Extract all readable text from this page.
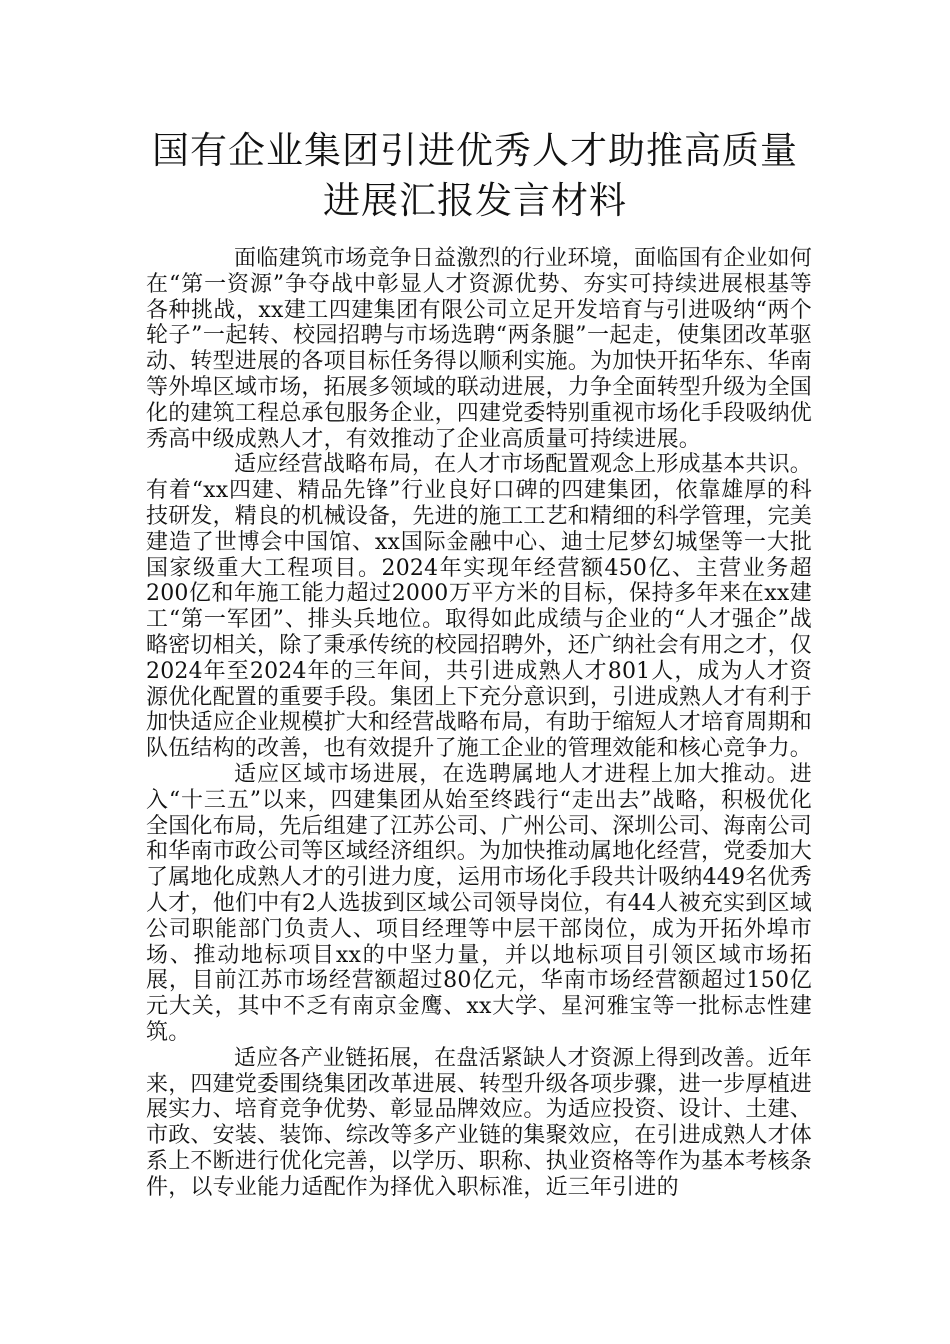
国有企业集团引进优秀人才助推高质量进展汇报发言材料

面临建筑市场竞争日益激烈的行业环境，面临国有企业如何在“第一资源”争夺战中彰显人才资源优势、夯实可持续进展根基等各种挑战，xx建工四建集团有限公司立足开发培育与引进吸纳“两个轮子”一起转、校园招聘与市场选聘“两条腿”一起走，使集团改革驱动、转型进展的各项目标任务得以顺利实施。为加快开拓华东、华南等外埠区域市场，拓展多领域的联动进展，力争全面转型升级为全国化的建筑工程总承包服务企业，四建党委特别重视市场化手段吸纳优秀高中级成熟人才，有效推动了企业高质量可持续进展。

适应经营战略布局，在人才市场配置观念上形成基本共识。有着“xx四建、精品先锋”行业良好口碑的四建集团，依靠雄厚的科技研发，精良的机械设备，先进的施工工艺和精细的科学管理，完美建造了世博会中国馆、xx国际金融中心、迪士尼梦幻城堡等一大批国家级重大工程项目。2024年实现年经营额450亿、主营业务超200亿和年施工能力超过2000万平方米的目标，保持多年来在xx建工“第一军团”、排头兵地位。取得如此成绩与企业的“人才强企”战略密切相关，除了秉承传统的校园招聘外，还广纳社会有用之才，仅2024年至2024年的三年间，共引进成熟人才801人，成为人才资源优化配置的重要手段。集团上下充分意识到，引进成熟人才有利于加快适应企业规模扩大和经营战略布局，有助于缩短人才培育周期和队伍结构的改善，也有效提升了施工企业的管理效能和核心竞争力。

适应区域市场进展，在选聘属地人才进程上加大推动。进入“十三五”以来，四建集团从始至终践行“走出去”战略，积极优化全国化布局，先后组建了江苏公司、广州公司、深圳公司、海南公司和华南市政公司等区域经济组织。为加快推动属地化经营，党委加大了属地化成熟人才的引进力度，运用市场化手段共计吸纳449名优秀人才，他们中有2人选拔到区域公司领导岗位，有44人被充实到区域公司职能部门负责人、项目经理等中层干部岗位，成为开拓外埠市场、推动地标项目xx的中坚力量，并以地标项目引领区域市场拓展，目前江苏市场经营额超过80亿元，华南市场经营额超过150亿元大关，其中不乏有南京金鹰、xx大学、星河雅宝等一批标志性建筑。

适应各产业链拓展，在盘活紧缺人才资源上得到改善。近年来，四建党委围绕集团改革进展、转型升级各项步骤，进一步厚植进展实力、培育竞争优势、彰显品牌效应。为适应投资、设计、土建、市政、安装、装饰、综改等多产业链的集聚效应，在引进成熟人才体系上不断进行优化完善，以学历、职称、执业资格等作为基本考核条件，以专业能力适配作为择优入职标准，近三年引进的
